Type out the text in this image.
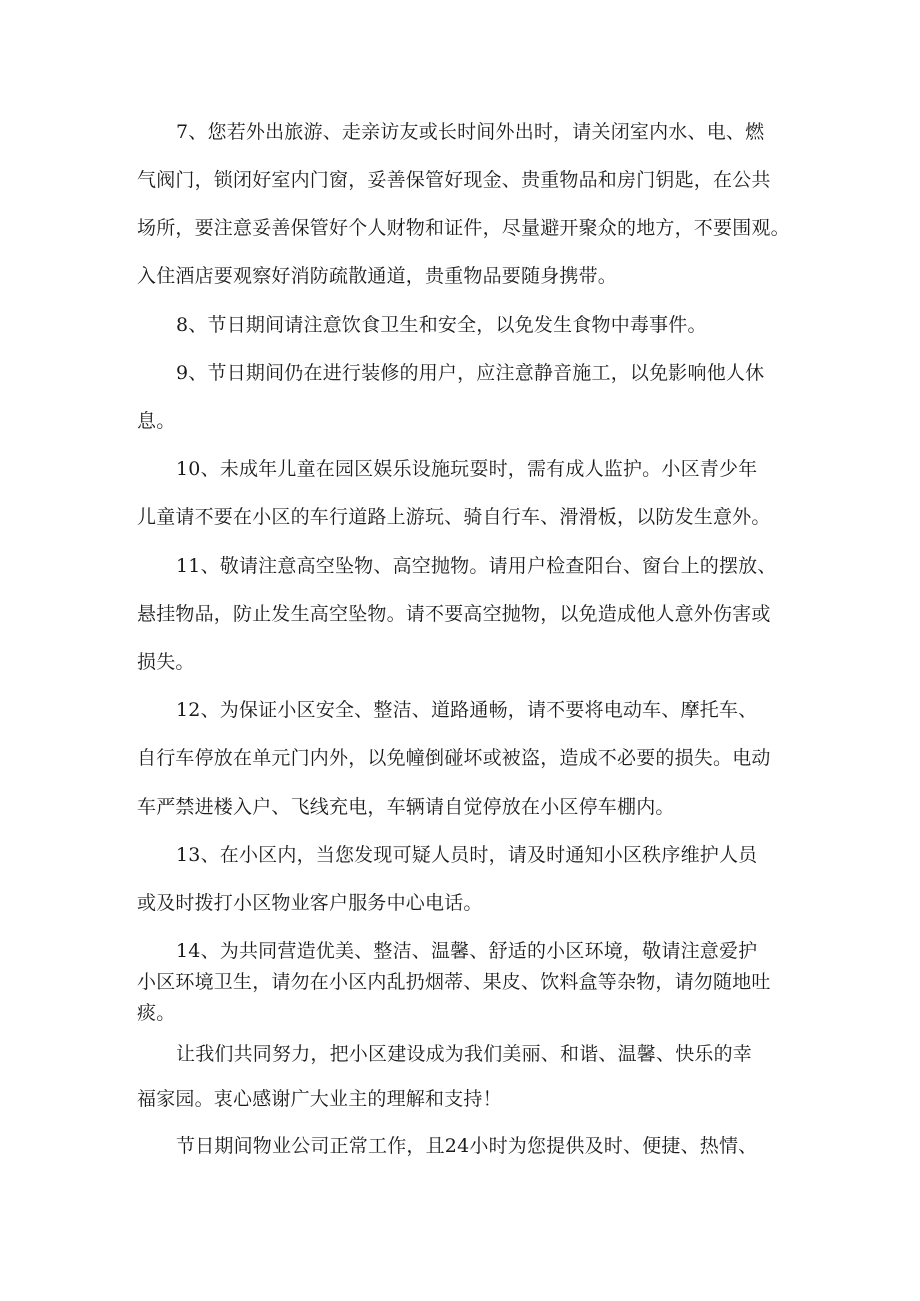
7、您若外出旅游、走亲访友或长时间外出时，请关闭室内水、电、燃
气阀门，锁闭好室内门窗，妥善保管好现金、贵重物品和房门钥匙，在公共
场所，要注意妥善保管好个人财物和证件，尽量避开聚众的地方，不要围观。
入住酒店要观察好消防疏散通道，贵重物品要随身携带。
8、节日期间请注意饮食卫生和安全，以免发生食物中毒事件。
9、节日期间仍在进行装修的用户，应注意静音施工，以免影响他人休
息。
10、未成年儿童在园区娱乐设施玩耍时，需有成人监护。小区青少年
儿童请不要在小区的车行道路上游玩、骑自行车、滑滑板，以防发生意外。
11、敬请注意高空坠物、高空抛物。请用户检查阳台、窗台上的摆放、
悬挂物品，防止发生高空坠物。请不要高空抛物，以免造成他人意外伤害或
损失。
12、为保证小区安全、整洁、道路通畅，请不要将电动车、摩托车、
自行车停放在单元门内外，以免幢倒碰坏或被盗，造成不必要的损失。电动
车严禁进楼入户、飞线充电，车辆请自觉停放在小区停车棚内。
13、在小区内，当您发现可疑人员时，请及时通知小区秩序维护人员
或及时拨打小区物业客户服务中心电话。
14、为共同营造优美、整洁、温馨、舒适的小区环境，敬请注意爱护
小区环境卫生，请勿在小区内乱扔烟蒂、果皮、饮料盒等杂物，请勿随地吐
痰。
让我们共同努力，把小区建设成为我们美丽、和谐、温馨、快乐的幸
福家园。衷心感谢广大业主的理解和支持！
节日期间物业公司正常工作，且24小时为您提供及时、便捷、热情、
